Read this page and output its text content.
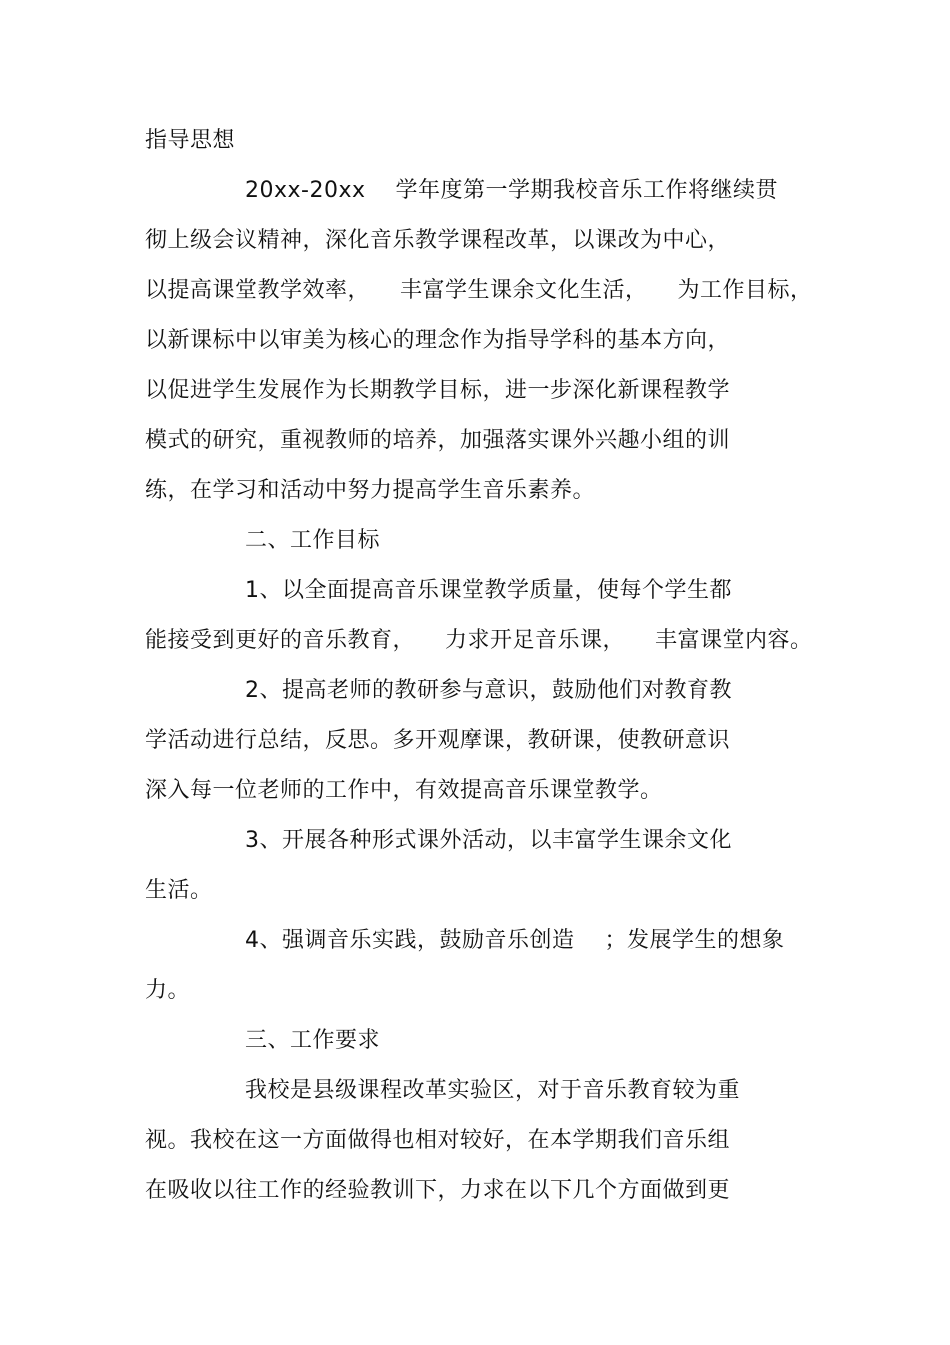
指导思想
20xx-20xx    学年度第一学期我校音乐工作将继续贯
彻上级会议精神，深化音乐教学课程改革，以课改为中心，
以提高课堂教学效率，    丰富学生课余文化生活，    为工作目标，
以新课标中以审美为核心的理念作为指导学科的基本方向，
以促进学生发展作为长期教学目标，进一步深化新课程教学
模式的研究，重视教师的培养，加强落实课外兴趣小组的训
练，在学习和活动中努力提高学生音乐素养。
二、工作目标
1、以全面提高音乐课堂教学质量，使每个学生都
能接受到更好的音乐教育，    力求开足音乐课，    丰富课堂内容。
2、提高老师的教研参与意识，鼓励他们对教育教
学活动进行总结，反思。多开观摩课，教研课，使教研意识
深入每一位老师的工作中，有效提高音乐课堂教学。
3、开展各种形式课外活动，以丰富学生课余文化
生活。
4、强调音乐实践，鼓励音乐创造    ；发展学生的想象
力。
三、工作要求
我校是县级课程改革实验区，对于音乐教育较为重
视。我校在这一方面做得也相对较好，在本学期我们音乐组
在吸收以往工作的经验教训下，力求在以下几个方面做到更
